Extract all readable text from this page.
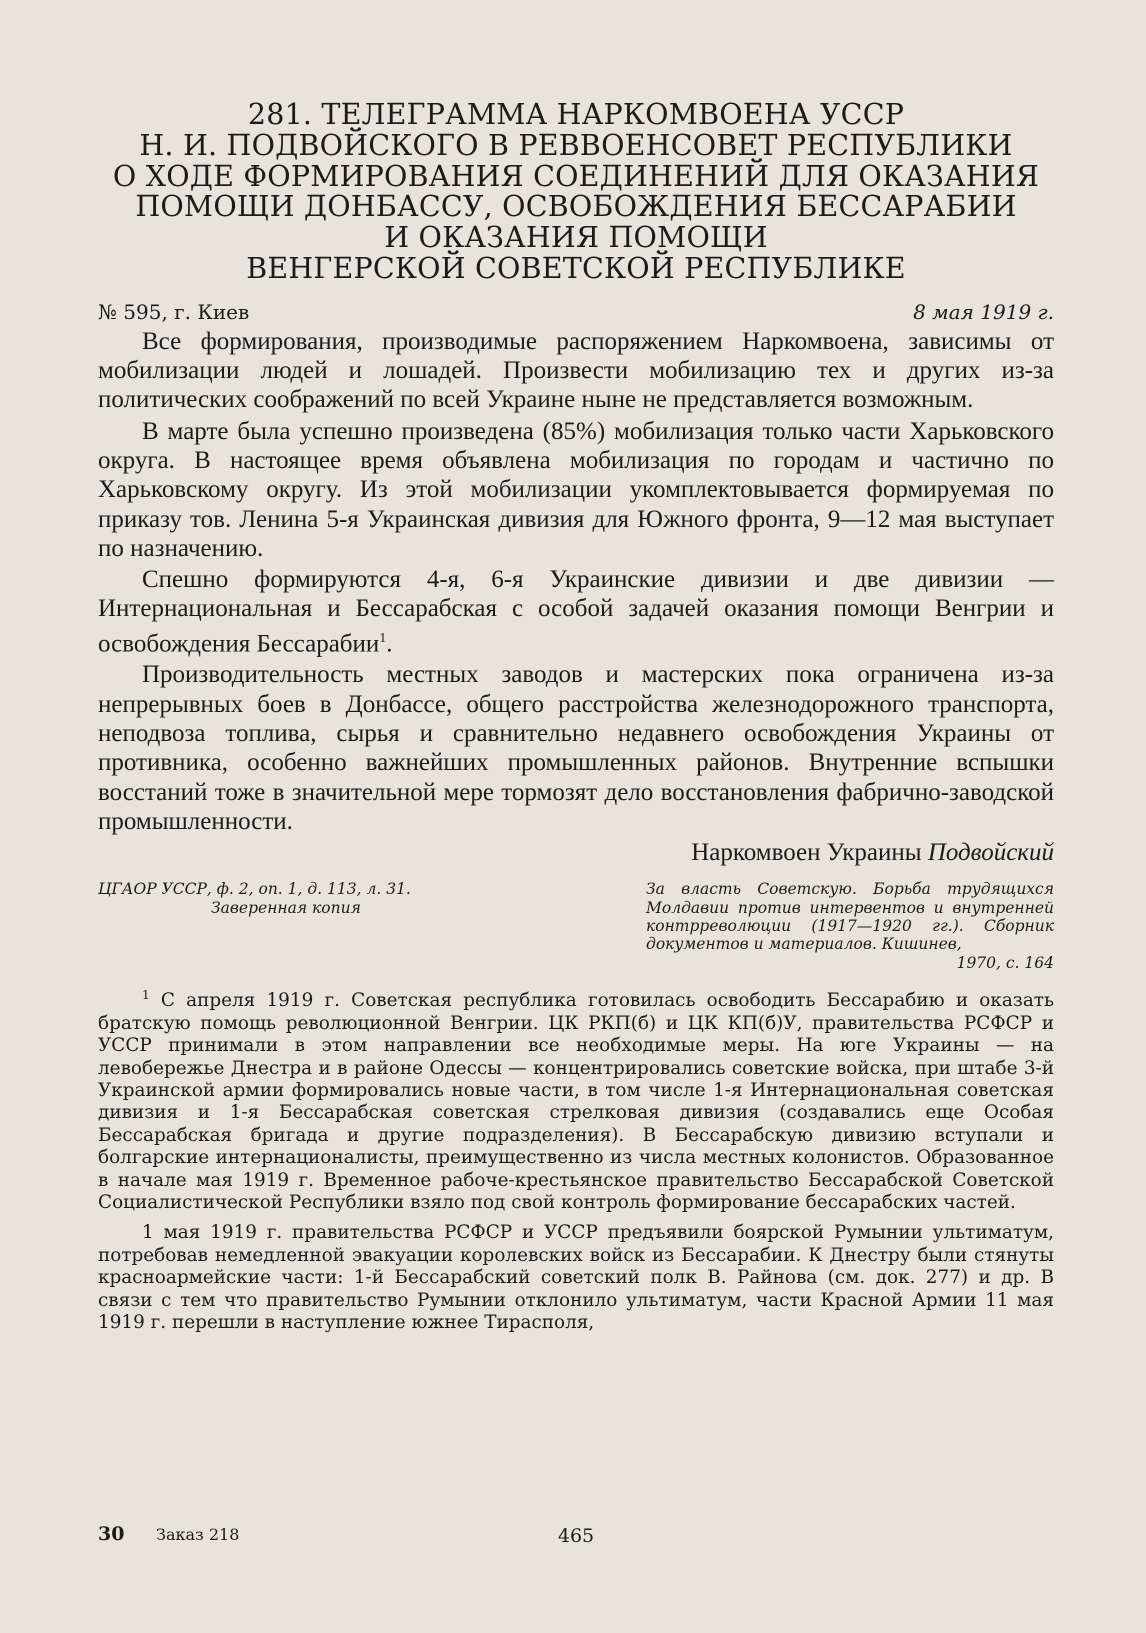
281. ТЕЛЕГРАММА НАРКОМВОЕНА УССР
Н. И. ПОДВОЙСКОГО В РЕВВОЕНСОВЕТ РЕСПУБЛИКИ
О ХОДЕ ФОРМИРОВАНИЯ СОЕДИНЕНИЙ ДЛЯ ОКАЗАНИЯ
ПОМОЩИ ДОНБАССУ, ОСВОБОЖДЕНИЯ БЕССАРАБИИ
И ОКАЗАНИЯ ПОМОЩИ
ВЕНГЕРСКОЙ СОВЕТСКОЙ РЕСПУБЛИКЕ
№ 595, г. Киев	8 мая 1919 г.

Все формирования, производимые распоряжением Наркомвоена, зависимы от мобилизации людей и лошадей. Произвести мобилизацию тех и других из-за политических соображений по всей Украине ныне не представляется возможным.

В марте была успешно произведена (85%) мобилизация только части Харьковского округа. В настоящее время объявлена мобилизация по городам и частично по Харьковскому округу. Из этой мобилизации укомплектовывается формируемая по приказу тов. Ленина 5-я Украинская дивизия для Южного фронта, 9—12 мая выступает по назначению.

Спешно формируются 4-я, 6-я Украинские дивизии и две дивизии — Интернациональная и Бессарабская с особой задачей оказания помощи Венгрии и освобождения Бессарабии$^1$.

Производительность местных заводов и мастерских пока ограничена из-за непрерывных боев в Донбассе, общего расстройства железнодорожного транспорта, неподвоза топлива, сырья и сравнительно недавнего освобождения Украины от противника, особенно важнейших промышленных районов. Внутренние вспышки восстаний тоже в значительной мере тормозят дело восстановления фабрично-заводской промышленности.

Наркомвоен Украины Подвойский
ЦГАОР УССР, ф. 2, оп. 1, д. 113, л. 31.
Заверенная копия
За власть Советскую. Борьба трудящихся Молдавии против интервентов и внутренней контрреволюции (1917—1920 гг.). Сборник документов и материалов. Кишинев,
1970, с. 164

$^1$ С апреля 1919 г. Советская республика готовилась освободить Бессарабию и оказать братскую помощь революционной Венгрии. ЦК РКП(б) и ЦК КП(б)У, правительства РСФСР и УССР принимали в этом направлении все необходимые меры. На юге Украины — на левобережье Днестра и в районе Одессы — концентрировались советские войска, при штабе 3-й Украинской армии формировались новые части, в том числе 1-я Интернациональная советская дивизия и 1-я Бессарабская советская стрелковая дивизия (создавались еще Особая Бессарабская бригада и другие подразделения). В Бессарабскую дивизию вступали и болгарские интернационалисты, преимущественно из числа местных колонистов. Образованное в начале мая 1919 г. Временное рабоче-крестьянское правительство Бессарабской Советской Социалистической Республики взяло под свой контроль формирование бессарабских частей.

1 мая 1919 г. правительства РСФСР и УССР предъявили боярской Румынии ультиматум, потребовав немедленной эвакуации королевских войск из Бессарабии. К Днестру были стянуты красноармейские части: 1-й Бессарабский советский полк В. Райнова (см. док. 277) и др. В связи с тем что правительство Румынии отклонило ультиматум, части Красной Армии 11 мая 1919 г. перешли в наступление южнее Тирасполя,

30 Заказ 218	465
